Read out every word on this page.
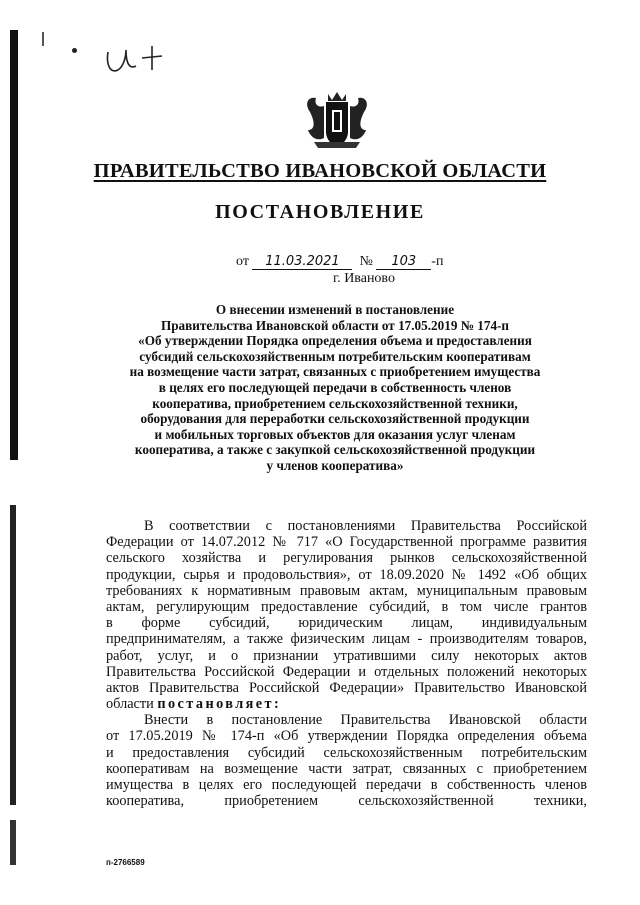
ПРАВИТЕЛЬСТВО ИВАНОВСКОЙ ОБЛАСТИ
ПОСТАНОВЛЕНИЕ
от 11.03.2021 № 103 -п
г. Иваново
О внесении изменений в постановление
Правительства Ивановской области от 17.05.2019 № 174-п
«Об утверждении Порядка определения объема и предоставления
субсидий сельскохозяйственным потребительским кооперативам
на возмещение части затрат, связанных с приобретением имущества
в целях его последующей передачи в собственность членов
кооператива, приобретением сельскохозяйственной техники,
оборудования для переработки сельскохозяйственной продукции
и мобильных торговых объектов для оказания услуг членам
кооператива, а также с закупкой сельскохозяйственной продукции
у членов кооператива»
В соответствии с постановлениями Правительства Российской
Федерации от 14.07.2012 № 717 «О Государственной программе развития
сельского хозяйства и регулирования рынков сельскохозяйственной
продукции, сырья и продовольствия», от 18.09.2020 № 1492 «Об общих
требованиях к нормативным правовым актам, муниципальным правовым
актам, регулирующим предоставление субсидий, в том числе грантов
в форме субсидий, юридическим лицам, индивидуальным
предпринимателям, а также физическим лицам - производителям товаров,
работ, услуг, и о признании утратившими силу некоторых актов
Правительства Российской Федерации и отдельных положений некоторых
актов Правительства Российской Федерации» Правительство Ивановской
области постановляет:
Внести в постановление Правительства Ивановской области
от 17.05.2019 № 174-п «Об утверждении Порядка определения объема
и предоставления субсидий сельскохозяйственным потребительским
кооперативам на возмещение части затрат, связанных с приобретением
имущества в целях его последующей передачи в собственность членов
кооператива, приобретением сельскохозяйственной техники,
п-2766589
